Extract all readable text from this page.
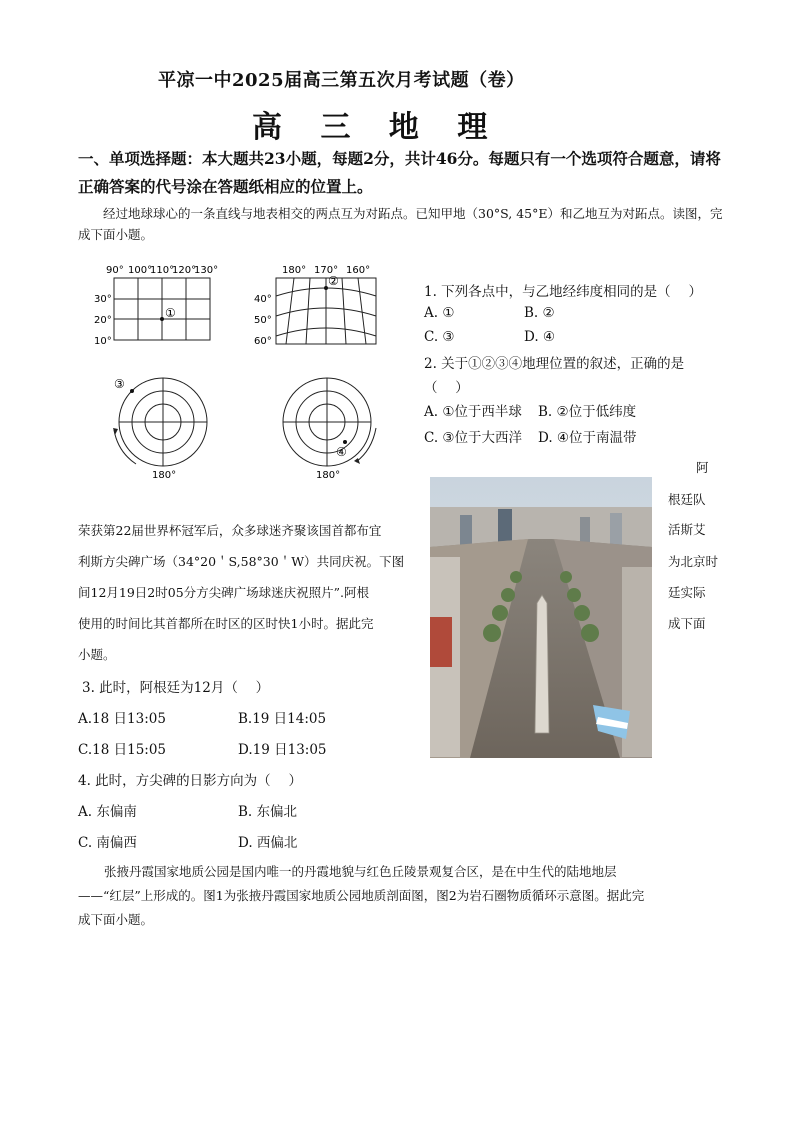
平凉一中2025届高三第五次月考试题（卷）
高 三 地 理
一、单项选择题：本大题共23小题，每题2分，共计46分。每题只有一个选项符合题意，请将正确答案的代号涂在答题纸相应的位置上。
经过地球球心的一条直线与地表相交的两点互为对跖点。已知甲地（30°S, 45°E）和乙地互为对跖点。读图，完成下面小题。
90° 100°
110°
120°
130°
30°
20°
10°
①
180° 170° 160°
40°
50°
60°
②
③
180°
④
180°
1. 下列各点中，与乙地经纬度相同的是（　 ）
A. ①	B. ②
C. ③	D. ④
2. 关于①②③④地理位置的叙述，正确的是
（　 ）
A. ①位于西半球 B. ②位于低纬度
C. ③位于大西洋 D. ④位于南温带
阿
根廷队
活斯艾
为北京时
廷实际
成下面
荣获第22届世界杯冠军后，众多球迷齐聚该国首都布宜
利斯方尖碑广场（34°20＇S,58°30＇W）共同庆祝。下图
间12月19日2时05分方尖碑广场球迷庆祝照片”.阿根
使用的时间比其首都所在时区的区时快1小时。据此完
小题。
3. 此时，阿根廷为12月（　 ）
A.18 日13:05	B.19 日14:05
C.18 日15:05	D.19 日13:05
4. 此时，方尖碑的日影方向为（　 ）
A. 东偏南	B. 东偏北
C. 南偏西	D. 西偏北
张掖丹霞国家地质公园是国内唯一的丹霞地貌与红色丘陵景观复合区，是在中生代的陆地地层
——“红层”上形成的。图1为张掖丹霞国家地质公园地质剖面图，图2为岩石圈物质循环示意图。据此完
成下面小题。
